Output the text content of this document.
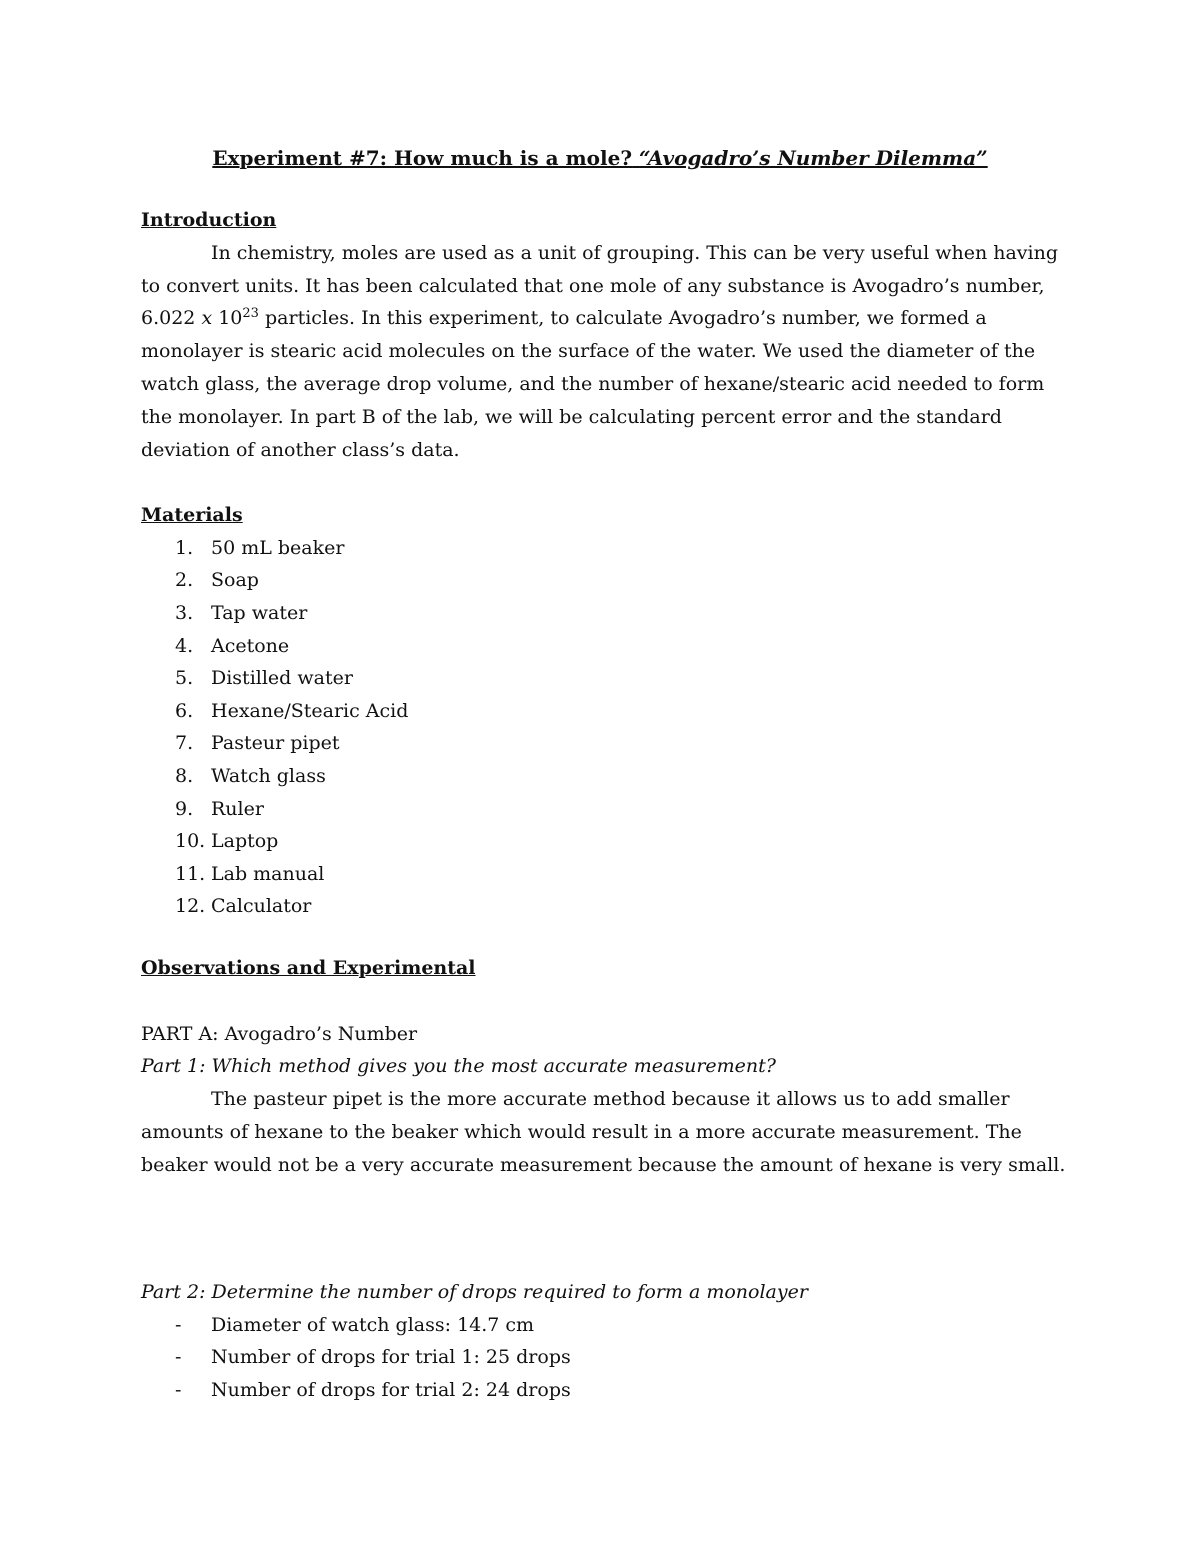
Experiment #7: How much is a mole? “Avogadro’s Number Dilemma”

Introduction

In chemistry, moles are used as a unit of grouping. This can be very useful when having to convert units. It has been calculated that one mole of any substance is Avogadro’s number, 6.022 x $10^{23}$ particles. In this experiment, to calculate Avogadro’s number, we formed a monolayer is stearic acid molecules on the surface of the water. We used the diameter of the watch glass, the average drop volume, and the number of hexane/stearic acid needed to form the monolayer. In part B of the lab, we will be calculating percent error and the standard deviation of another class’s data.

Materials

1. 50 mL beaker
2. Soap
3. Tap water
4. Acetone
5. Distilled water
6. Hexane/Stearic Acid
7. Pasteur pipet
8. Watch glass
9. Ruler
10. Laptop
11. Lab manual
12. Calculator

Observations and Experimental

PART A: Avogadro’s Number

Part 1: Which method gives you the most accurate measurement?

The pasteur pipet is the more accurate method because it allows us to add smaller amounts of hexane to the beaker which would result in a more accurate measurement. The beaker would not be a very accurate measurement because the amount of hexane is very small.

Part 2: Determine the number of drops required to form a monolayer

- Diameter of watch glass: 14.7 cm
- Number of drops for trial 1: 25 drops
- Number of drops for trial 2: 24 drops
